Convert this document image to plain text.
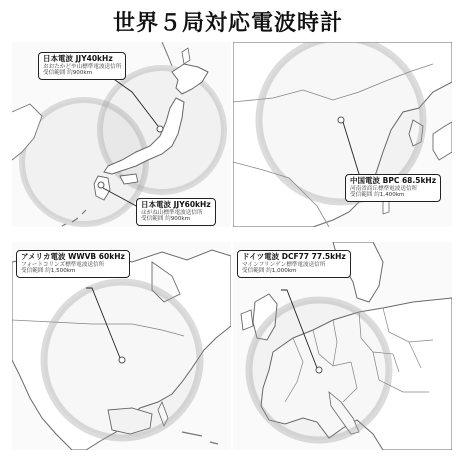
世界５局対応電波時計
日本電波 JJY40kHz
おおたかどや山標準電波送信所
受信範囲 約900km
日本電波 JJY60kHz
はがね山標準電波送信所
受信範囲 約900km
中国電波 BPC 68.5kHz
河南省商丘標準電波送信所
受信範囲 約1,400km
アメリカ電波 WWVB 60kHz
フォートコリンズ標準電波送信所
受信範囲 約1,500km
ドイツ電波 DCF77 77.5kHz
マインフリンゲン標準電波送信所
受信範囲 約1,000km
